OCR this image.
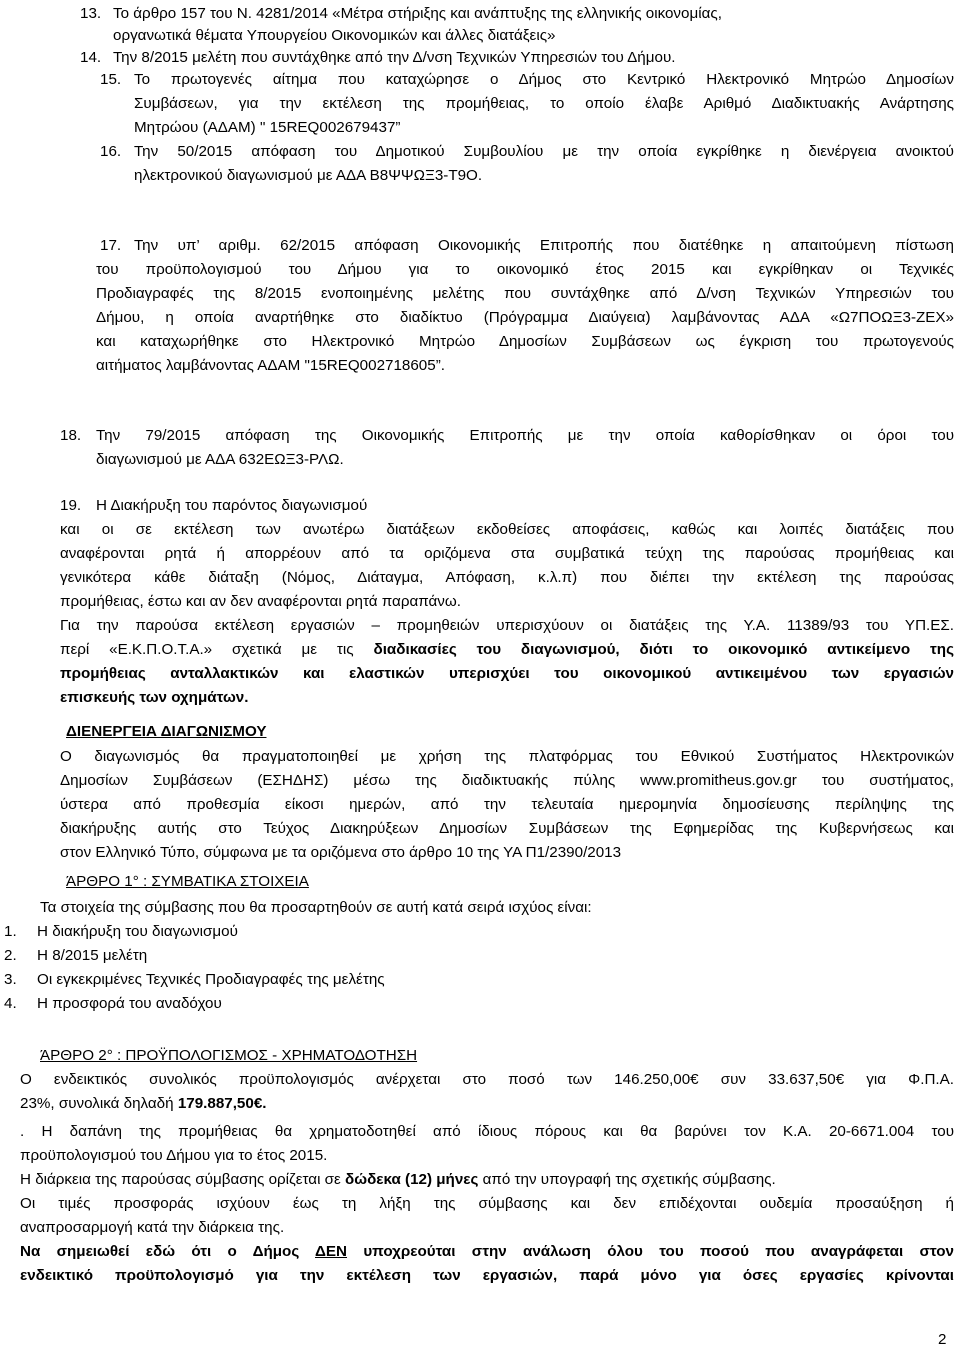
13. Το άρθρο 157 του Ν. 4281/2014 «Μέτρα στήριξης και ανάπτυξης της ελληνικής οικονομίας,
οργανωτικά θέματα Υπουργείου Οικονομικών και άλλες διατάξεις»
14. Την 8/2015 μελέτη που συντάχθηκε από την Δ/νση Τεχνικών Υπηρεσιών του Δήμου.
15. Το πρωτογενές αίτημα που καταχώρησε ο Δήμος στο Κεντρικό Ηλεκτρονικό Μητρώο Δημοσίων
Συμβάσεων, για την εκτέλεση της προμήθειας, το οποίο έλαβε Αριθμό Διαδικτυακής Ανάρτησης
Μητρώου (ΑΔΑΜ) " 15REQ002679437”
16. Την 50/2015 απόφαση του Δημοτικού Συμβουλίου με την οποία εγκρίθηκε η διενέργεια ανοικτού
ηλεκτρονικού διαγωνισμού με ΑΔΑ Β8ΨΨΩΞ3-Τ9Ο.
17. Την υπ’ αριθμ. 62/2015 απόφαση Οικονομικής Επιτροπής που διατέθηκε η απαιτούμενη πίστωση
του προϋπολογισμού του Δήμου για το οικονομικό έτος 2015 και εγκρίθηκαν οι Τεχνικές
Προδιαγραφές της 8/2015 ενοποιημένης μελέτης που συντάχθηκε από Δ/νση Τεχνικών Υπηρεσιών του
Δήμου, η οποία αναρτήθηκε στο διαδίκτυο (Πρόγραμμα Διαύγεια) λαμβάνοντας ΑΔΑ «Ω7ΠΟΩΞ3-ΖΕΧ»
και καταχωρήθηκε στο Ηλεκτρονικό Μητρώο Δημοσίων Συμβάσεων ως έγκριση του πρωτογενούς
αιτήματος λαμβάνοντας ΑΔΑΜ "15REQ002718605”.
18. Την 79/2015 απόφαση της Οικονομικής Επιτροπής με την οποία καθορίσθηκαν οι όροι του
διαγωνισμού με ΑΔΑ 632ΕΩΞ3-ΡΛΩ.
19. Η Διακήρυξη του παρόντος διαγωνισμού
και οι σε εκτέλεση των ανωτέρω διατάξεων εκδοθείσες αποφάσεις, καθώς και λοιπές διατάξεις που
αναφέρονται ρητά ή απορρέουν από τα οριζόμενα στα συμβατικά τεύχη της παρούσας προμήθειας και
γενικότερα κάθε διάταξη (Νόμος, Διάταγμα, Απόφαση, κ.λ.π) που διέπει την εκτέλεση της παρούσας
προμήθειας, έστω και αν δεν αναφέρονται ρητά παραπάνω.
Για την παρούσα εκτέλεση εργασιών – προμηθειών υπερισχύουν οι διατάξεις της Υ.Α. 11389/93 του ΥΠ.ΕΣ.
περί «Ε.Κ.Π.Ο.Τ.Α.» σχετικά με τις διαδικασίες του διαγωνισμού, διότι το οικονομικό αντικείμενο της
προμήθειας ανταλλακτικών και ελαστικών υπερισχύει του οικονομικού αντικειμένου των εργασιών
επισκευής των οχημάτων.
ΔΙΕΝΕΡΓΕΙΑ ΔΙΑΓΩΝΙΣΜΟΥ
Ο διαγωνισμός θα πραγματοποιηθεί με χρήση της πλατφόρμας του Εθνικού Συστήματος Ηλεκτρονικών
Δημοσίων Συμβάσεων (ΕΣΗΔΗΣ) μέσω της διαδικτυακής πύλης www.promitheus.gov.gr του συστήματος,
ύστερα από προθεσμία είκοσι ημερών, από την τελευταία ημερομηνία δημοσίευσης περίληψης της
διακήρυξης αυτής στο Τεύχος Διακηρύξεων Δημοσίων Συμβάσεων της Εφημερίδας της Κυβερνήσεως και
στον Ελληνικό Τύπο, σύμφωνα με τα οριζόμενα στο άρθρο 10 της ΥΑ Π1/2390/2013
ΆΡΘΡΟ 1° : ΣΥΜΒΑΤΙΚΑ ΣΤΟΙΧΕΙΑ
Τα στοιχεία της σύμβασης που θα προσαρτηθούν σε αυτή κατά σειρά ισχύος είναι:
1. Η διακήρυξη του διαγωνισμού
2. Η 8/2015 μελέτη
3. Οι εγκεκριμένες Τεχνικές Προδιαγραφές της μελέτης
4. Η προσφορά του αναδόχου
ΆΡΘΡΟ 2° : ΠΡΟΫΠΟΛΟΓΙΣΜΟΣ - ΧΡΗΜΑΤΟΔΟΤΗΣΗ
Ο ενδεικτικός συνολικός προϋπολογισμός ανέρχεται στο ποσό των 146.250,00€ συν 33.637,50€ για Φ.Π.Α.
23%, συνολικά δηλαδή 179.887,50€.
. Η δαπάνη της προμήθειας θα χρηματοδοτηθεί από ίδιους πόρους και θα βαρύνει τον Κ.Α. 20-6671.004 του
προϋπολογισμού του Δήμου για το έτος 2015.
Η διάρκεια της παρούσας σύμβασης ορίζεται σε δώδεκα (12) μήνες από την υπογραφή της σχετικής σύμβασης.
Οι τιμές προσφοράς ισχύουν έως τη λήξη της σύμβασης και δεν επιδέχονται ουδεμία προσαύξηση ή
αναπροσαρμογή κατά την διάρκεια της.
Να σημειωθεί εδώ ότι ο Δήμος ΔΕΝ υποχρεούται στην ανάλωση όλου του ποσού που αναγράφεται στον
ενδεικτικό προϋπολογισμό για την εκτέλεση των εργασιών, παρά μόνο για όσες εργασίες κρίνονται
2
